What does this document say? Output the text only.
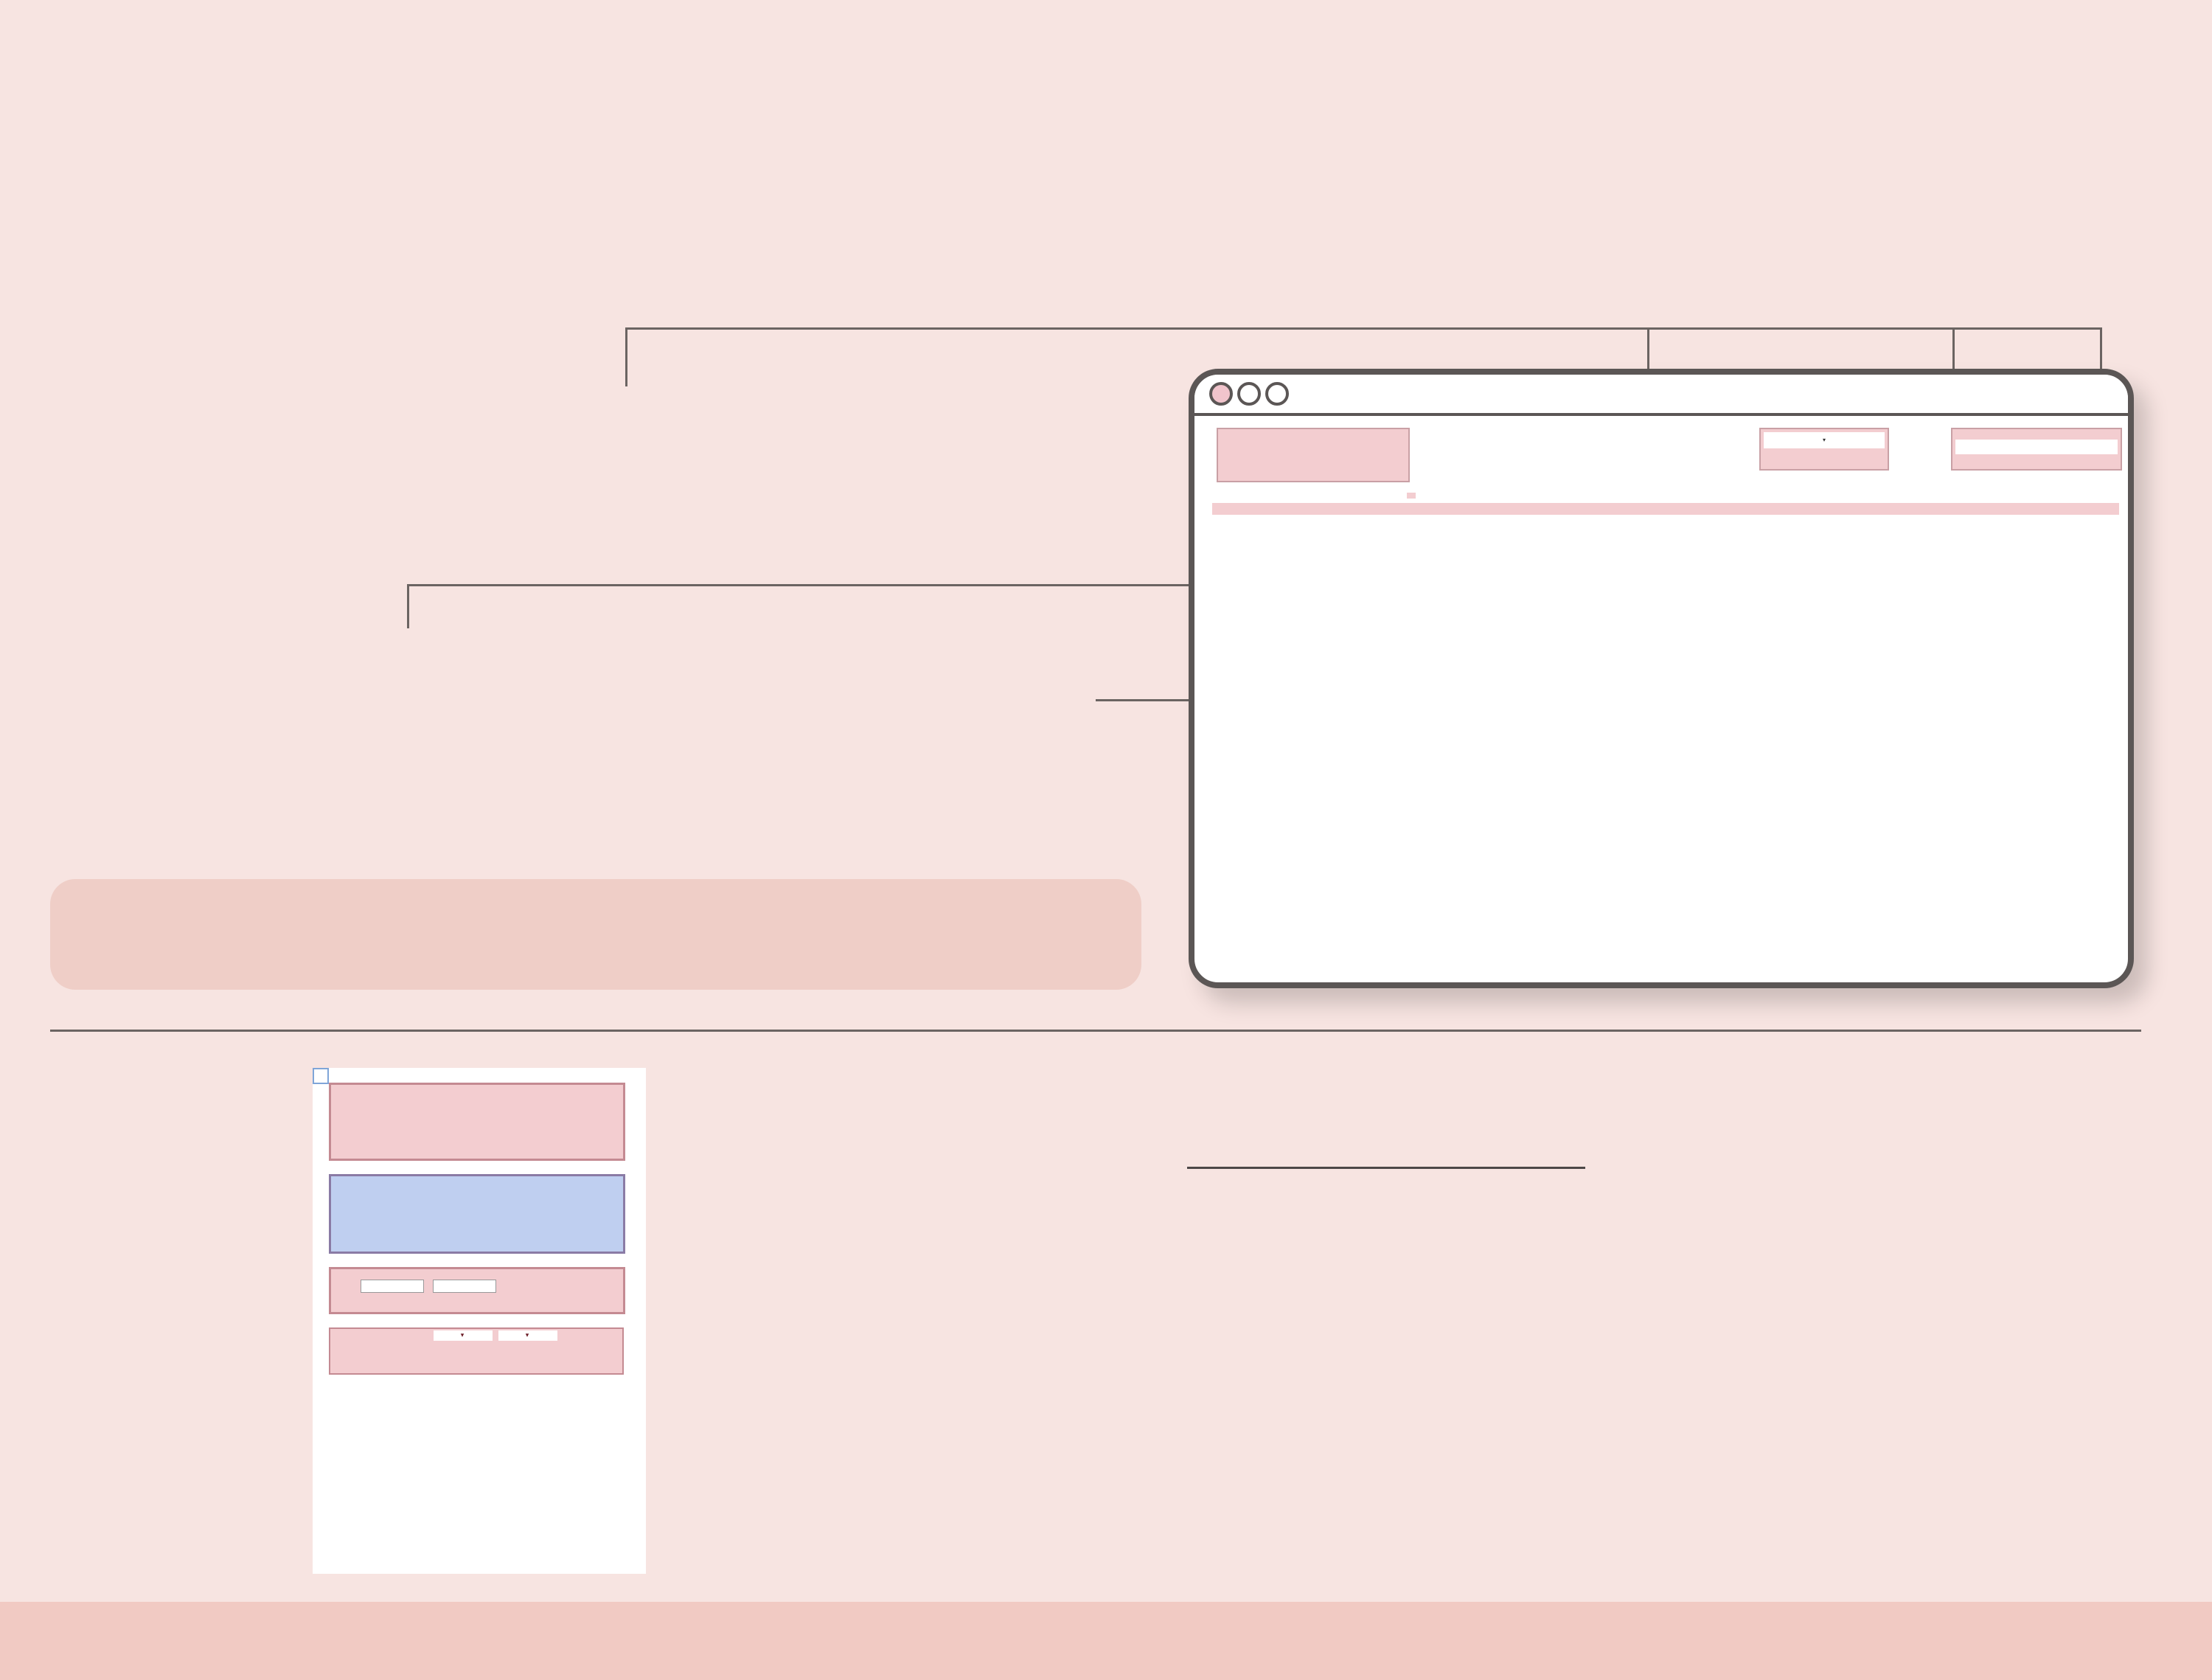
▾

▾	▾
